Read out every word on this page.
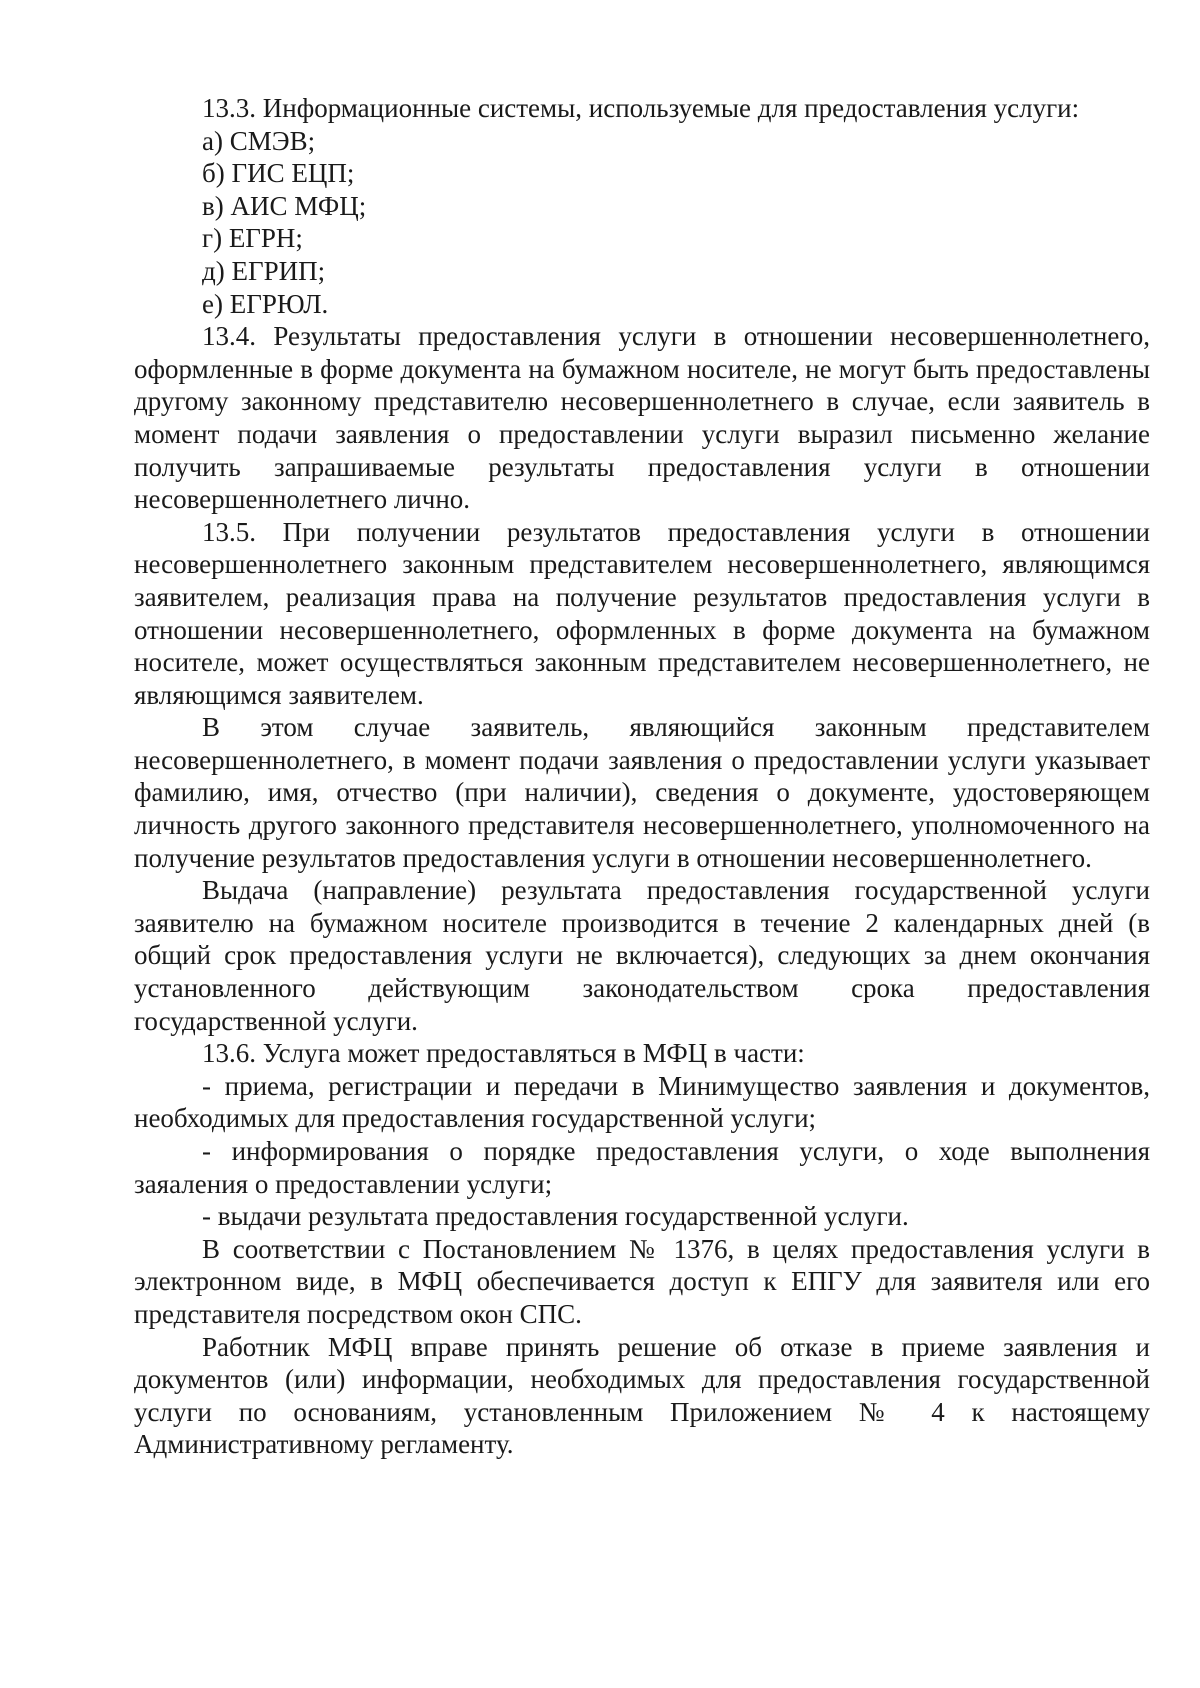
13.3. Информационные системы, используемые для предоставления услуги:

а) СМЭВ;

б) ГИС ЕЦП;

в) АИС МФЦ;

г) ЕГРН;

д) ЕГРИП;

е) ЕГРЮЛ.

13.4. Результаты предоставления услуги в отношении несовершеннолетнего, оформленные в форме документа на бумажном носителе, не могут быть предоставлены другому законному представителю несовершеннолетнего в случае, если заявитель в момент подачи заявления о предоставлении услуги выразил письменно желание получить запрашиваемые результаты предоставления услуги в отношении несовершеннолетнего лично.

13.5. При получении результатов предоставления услуги в отношении несовершеннолетнего законным представителем несовершеннолетнего, являющимся заявителем, реализация права на получение результатов предоставления услуги в отношении несовершеннолетнего, оформленных в форме документа на бумажном носителе, может осуществляться законным представителем несовершеннолетнего, не являющимся заявителем.

В этом случае заявитель, являющийся законным представителем несовершеннолетнего, в момент подачи заявления о предоставлении услуги указывает фамилию, имя, отчество (при наличии), сведения о документе, удостоверяющем личность другого законного представителя несовершеннолетнего, уполномоченного на получение результатов предоставления услуги в отношении несовершеннолетнего.

Выдача (направление) результата предоставления государственной услуги заявителю на бумажном носителе производится в течение 2 календарных дней (в общий срок предоставления услуги не включается), следующих за днем окончания установленного действующим законодательством срока предоставления государственной услуги.

13.6. Услуга может предоставляться в МФЦ в части:

- приема, регистрации и передачи в Минимущество заявления и документов, необходимых для предоставления государственной услуги;

- информирования о порядке предоставления услуги, о ходе выполнения заяаления о предоставлении услуги;

- выдачи результата предоставления государственной услуги.

В соответствии с Постановлением № 1376, в целях предоставления услуги в электронном виде, в МФЦ обеспечивается доступ к ЕПГУ для заявителя или его представителя посредством окон СПС.

Работник МФЦ вправе принять решение об отказе в приеме заявления и документов (или) информации, необходимых для предоставления государственной услуги по основаниям, установленным Приложением № 4 к настоящему Административному регламенту.
